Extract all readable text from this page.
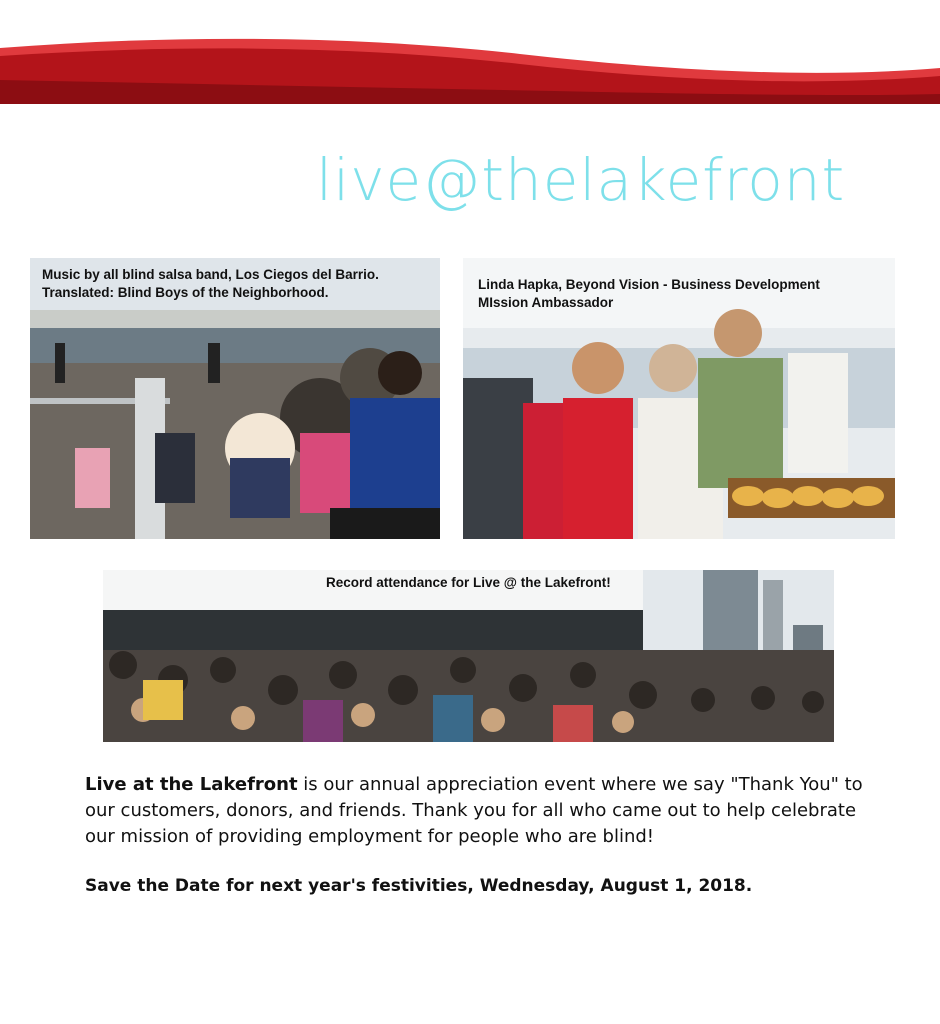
live@thelakefront
Music by all blind salsa band, Los Ciegos del Barrio.
Translated: Blind Boys of the Neighborhood.
Linda Hapka, Beyond Vision - Business Development
MIssion Ambassador
Record attendance for Live @ the Lakefront!
Live at the Lakefront is our annual appreciation event where we say "Thank You" to our customers, donors, and friends. Thank you for all who came out to help celebrate our mission of providing employment for people who are blind!
Save the Date for next year's festivities, Wednesday, August 1, 2018.
